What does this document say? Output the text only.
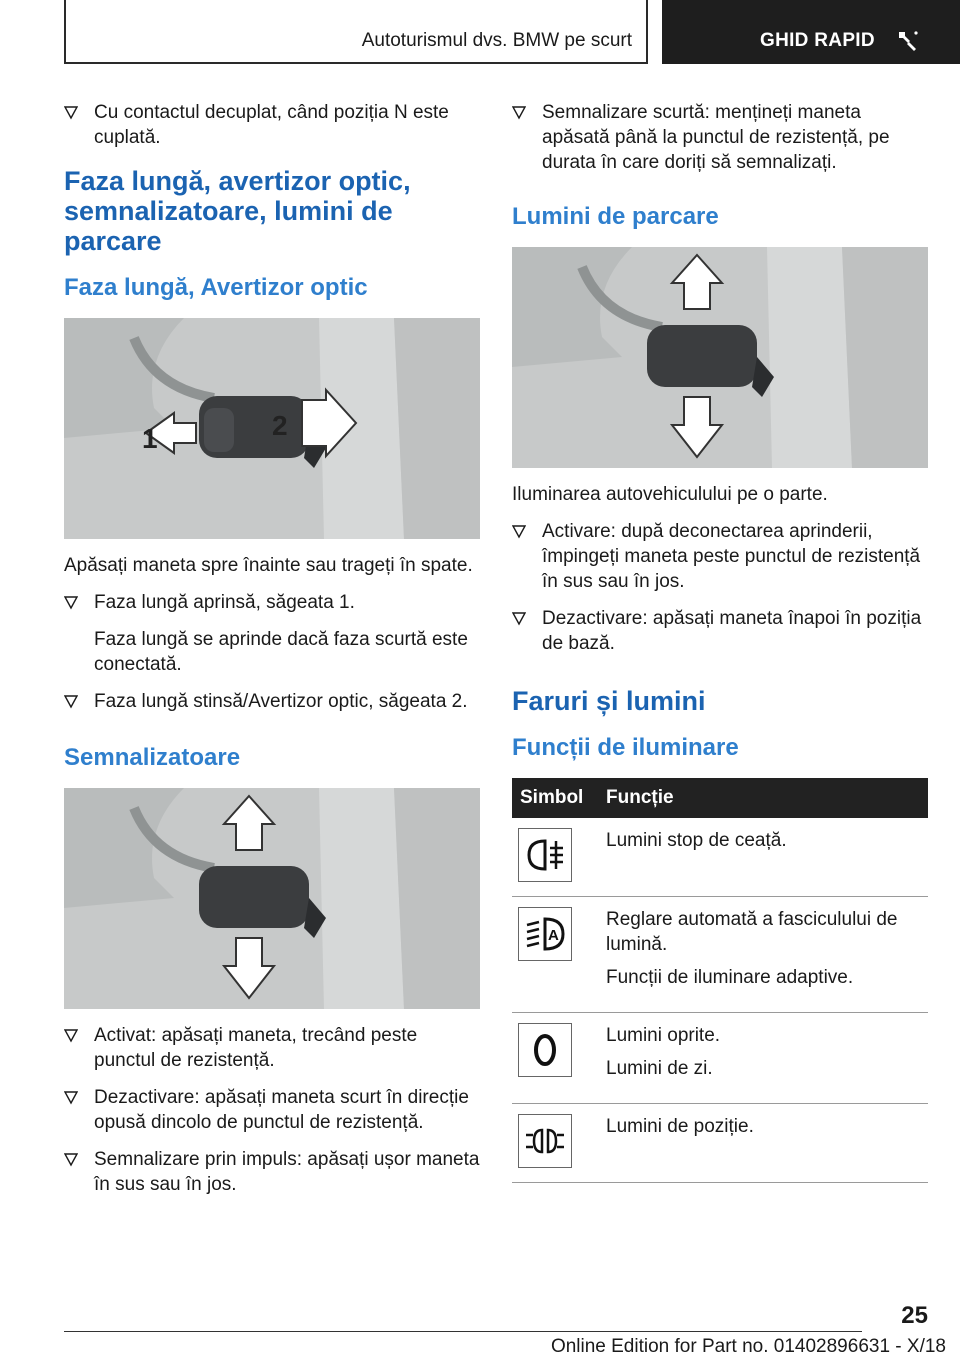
Autoturismul dvs. BMW pe scurt	GHID RAPID
Cu contactul decuplat, când poziția N este cuplată.
Faza lungă, avertizor optic, semnalizatoare, lumini de parcare
Faza lungă, Avertizor optic
1	2

Apăsați maneta spre înainte sau trageți în spate.

Faza lungă aprinsă, săgeata 1.

Faza lungă se aprinde dacă faza scurtă este conectată.

Faza lungă stinsă/Avertizor optic, săgeata 2.
Semnalizatoare
Activat: apăsați maneta, trecând peste punctul de rezistență.
Dezactivare: apăsați maneta scurt în direcție opusă dincolo de punctul de rezistență.
Semnalizare prin impuls: apăsați ușor maneta în sus sau în jos.
Semnalizare scurtă: mențineți maneta apăsată până la punctul de rezistență, pe durata în care doriți să semnalizați.
Lumini de parcare

Iluminarea autovehiculului pe o parte.

Activare: după deconectarea aprinderii, împingeți maneta peste punctul de rezistență în sus sau în jos.
Dezactivare: apăsați maneta înapoi în poziția de bază.
Faruri și lumini
Funcții de iluminare
Simbol	Funcție

Lumini stop de ceață.

A	Reglare automată a fasciculului de lumină.

Funcții de iluminare adaptive.

Lumini oprite.

Lumini de zi.

Lumini de poziție.

25
Online Edition for Part no. 01402896631 - X/18
